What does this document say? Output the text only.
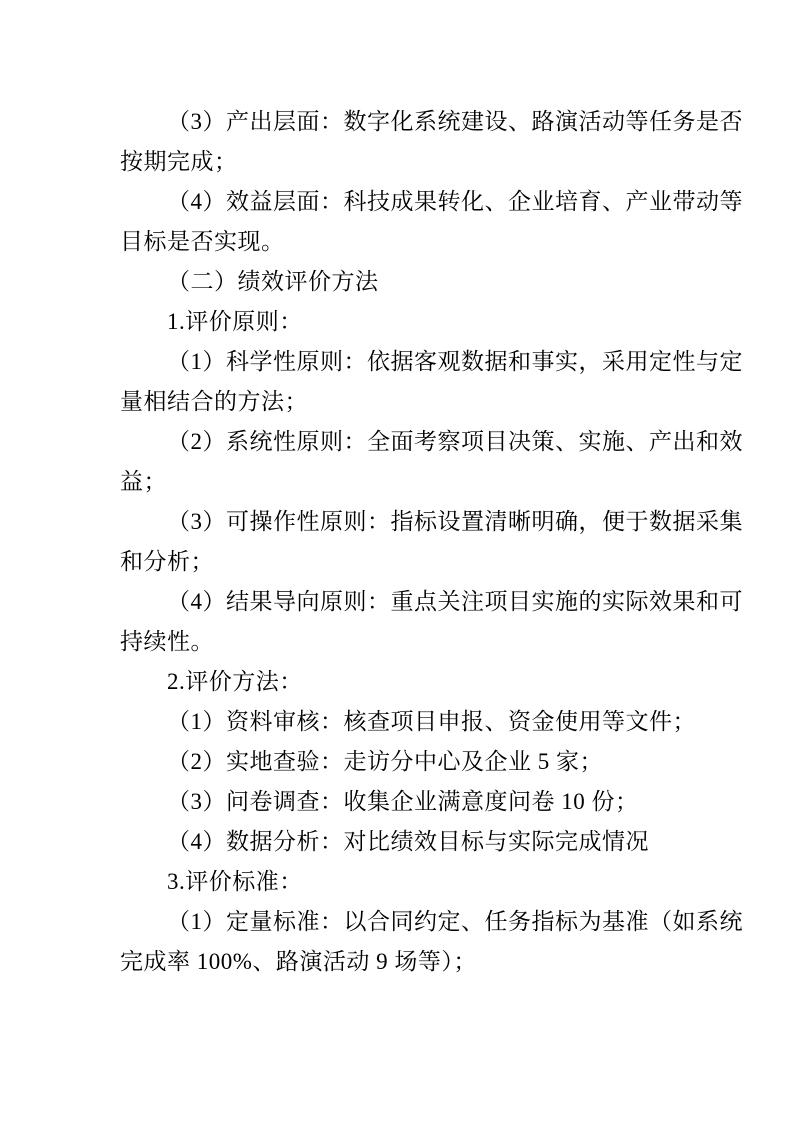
（3）产出层面：数字化系统建设、路演活动等任务是否
按期完成；
（4）效益层面：科技成果转化、企业培育、产业带动等
目标是否实现。
（二）绩效评价方法
1.评价原则：
（1）科学性原则：依据客观数据和事实，采用定性与定
量相结合的方法；
（2）系统性原则：全面考察项目决策、实施、产出和效
益；
（3）可操作性原则：指标设置清晰明确，便于数据采集
和分析；
（4）结果导向原则：重点关注项目实施的实际效果和可
持续性。
2.评价方法：
（1）资料审核：核查项目申报、资金使用等文件；
（2）实地查验：走访分中心及企业 5 家；
（3）问卷调查：收集企业满意度问卷 10 份；
（4）数据分析：对比绩效目标与实际完成情况
3.评价标准：
（1）定量标准：以合同约定、任务指标为基准（如系统
完成率 100%、路演活动 9 场等）；
